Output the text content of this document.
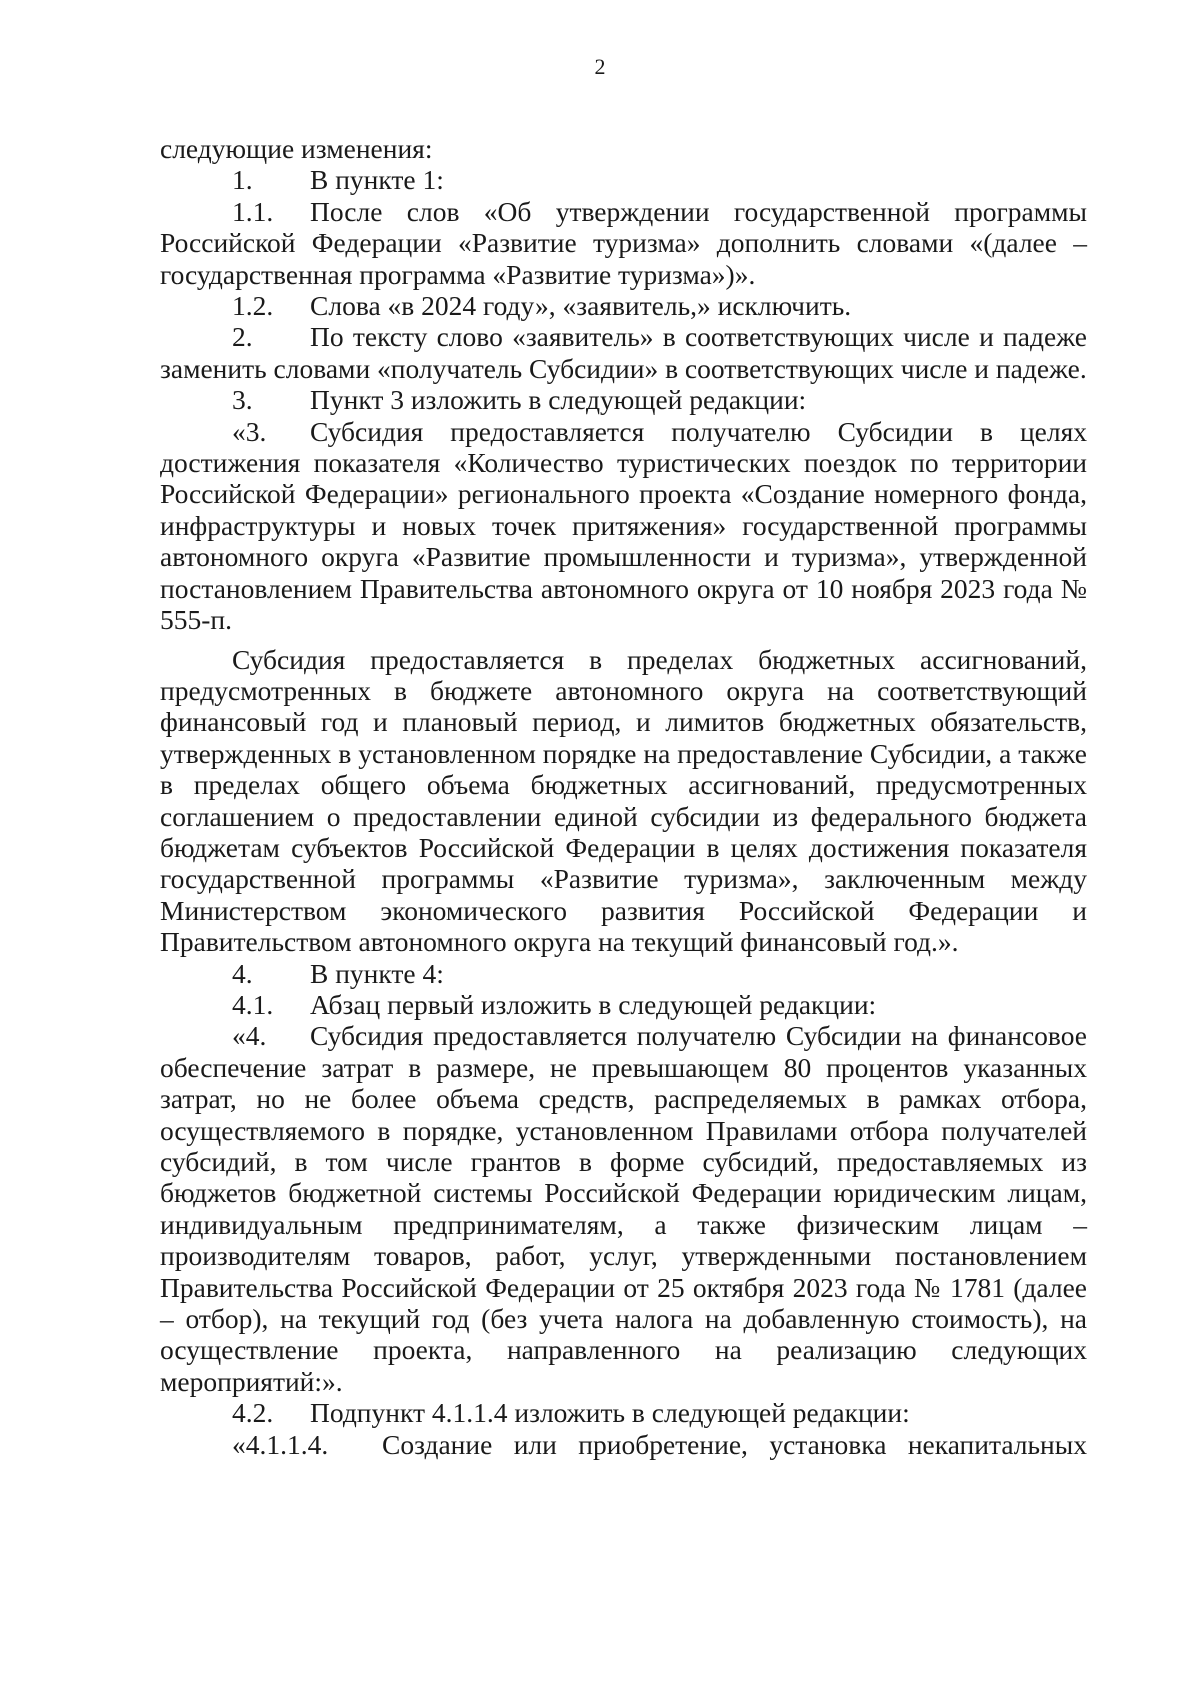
2

следующие изменения:

1. В пункте 1:

1.1. После слов «Об утверждении государственной программы Российской Федерации «Развитие туризма» дополнить словами «(далее – государственная программа «Развитие туризма»)».

1.2. Слова «в 2024 году», «заявитель,» исключить.

2. По тексту слово «заявитель» в соответствующих числе и падеже заменить словами «получатель Субсидии» в соответствующих числе и падеже.

3. Пункт 3 изложить в следующей редакции:

«3. Субсидия предоставляется получателю Субсидии в целях достижения показателя «Количество туристических поездок по территории Российской Федерации» регионального проекта «Создание номерного фонда, инфраструктуры и новых точек притяжения» государственной программы автономного округа «Развитие промышленности и туризма», утвержденной постановлением Правительства автономного округа от 10 ноября 2023 года № 555-п.

Субсидия предоставляется в пределах бюджетных ассигнований, предусмотренных в бюджете автономного округа на соответствующий финансовый год и плановый период, и лимитов бюджетных обязательств, утвержденных в установленном порядке на предоставление Субсидии, а также в пределах общего объема бюджетных ассигнований, предусмотренных соглашением о предоставлении единой субсидии из федерального бюджета бюджетам субъектов Российской Федерации в целях достижения показателя государственной программы «Развитие туризма», заключенным между Министерством экономического развития Российской Федерации и Правительством автономного округа на текущий финансовый год.».

4. В пункте 4:

4.1. Абзац первый изложить в следующей редакции:

«4. Субсидия предоставляется получателю Субсидии на финансовое обеспечение затрат в размере, не превышающем 80 процентов указанных затрат, но не более объема средств, распределяемых в рамках отбора, осуществляемого в порядке, установленном Правилами отбора получателей субсидий, в том числе грантов в форме субсидий, предоставляемых из бюджетов бюджетной системы Российской Федерации юридическим лицам, индивидуальным предпринимателям, а также физическим лицам – производителям товаров, работ, услуг, утвержденными постановлением Правительства Российской Федерации от 25 октября 2023 года № 1781 (далее – отбор), на текущий год (без учета налога на добавленную стоимость), на осуществление проекта, направленного на реализацию следующих мероприятий:».

4.2. Подпункт 4.1.1.4 изложить в следующей редакции:

«4.1.1.4. Создание или приобретение, установка некапитальных
